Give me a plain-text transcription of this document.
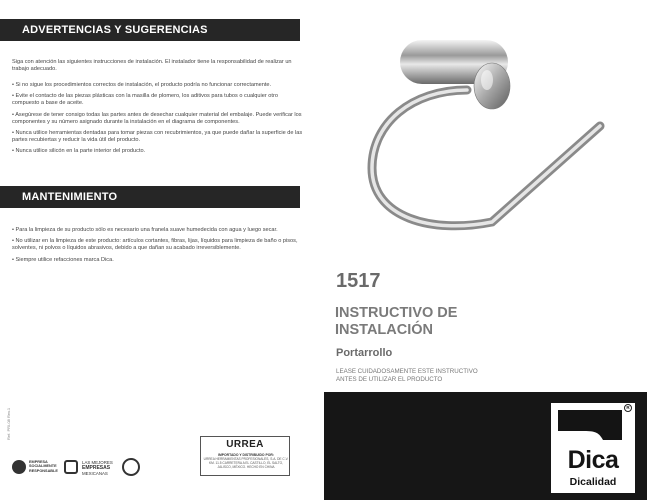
ADVERTENCIAS Y SUGERENCIAS

Siga con atención las siguientes instrucciones de instalación. El instalador tiene la responsabilidad de realizar un trabajo adecuado.

• Si no sigue los procedimientos correctos de instalación, el producto podría no funcionar correctamente.
• Evite el contacto de las piezas plásticas con la masilla de plomero, los aditivos para tubos o cualquier otro compuesto a base de aceite.
• Asegúrese de tener consigo todas las partes antes de desechar cualquier material del embalaje. Puede verificar los componentes y su número asignado durante la instalación en el diagrama de componentes.
• Nunca utilice herramientas dentadas para tomar piezas con recubrimientos, ya que puede dañar la superficie de las partes recubiertas y reducir la vida útil del producto.
• Nunca utilice silicón en la parte interior del producto.
MANTENIMIENTO
• Para la limpieza de su producto sólo es necesario una franela suave humedecida con agua y luego secar.
• No utilizar en la limpieza de este producto: artículos cortantes, fibras, lijas, líquidos para limpieza de baño o pisos, solventes, ni polvos o líquidos abrasivos, debido a que dañan su acabado irreversiblemente.
• Siempre utilice refacciones marca Dica.
Ref. PRI-08 Rev.1
EMPRESA SOCIALMENTE RESPONSABLE
LAS MEJORES
EMPRESAS
MEXICANAS
URREA
IMPORTADO Y DISTRIBUIDO POR:
URREA HERRAMIENTAS PROFESIONALES, S.A. DE C.V. KM. 11.5 CARRETERA A EL CASTILLO, EL SALTO, JALISCO, MÉXICO. HECHO EN CHINA
1517
INSTRUCTIVO DE
INSTALACIÓN
Portarrollo

LEASE CUIDADOSAMENTE ESTE INSTRUCTIVO
ANTES DE UTILIZAR EL PRODUCTO

R
Dica
Dicalidad
